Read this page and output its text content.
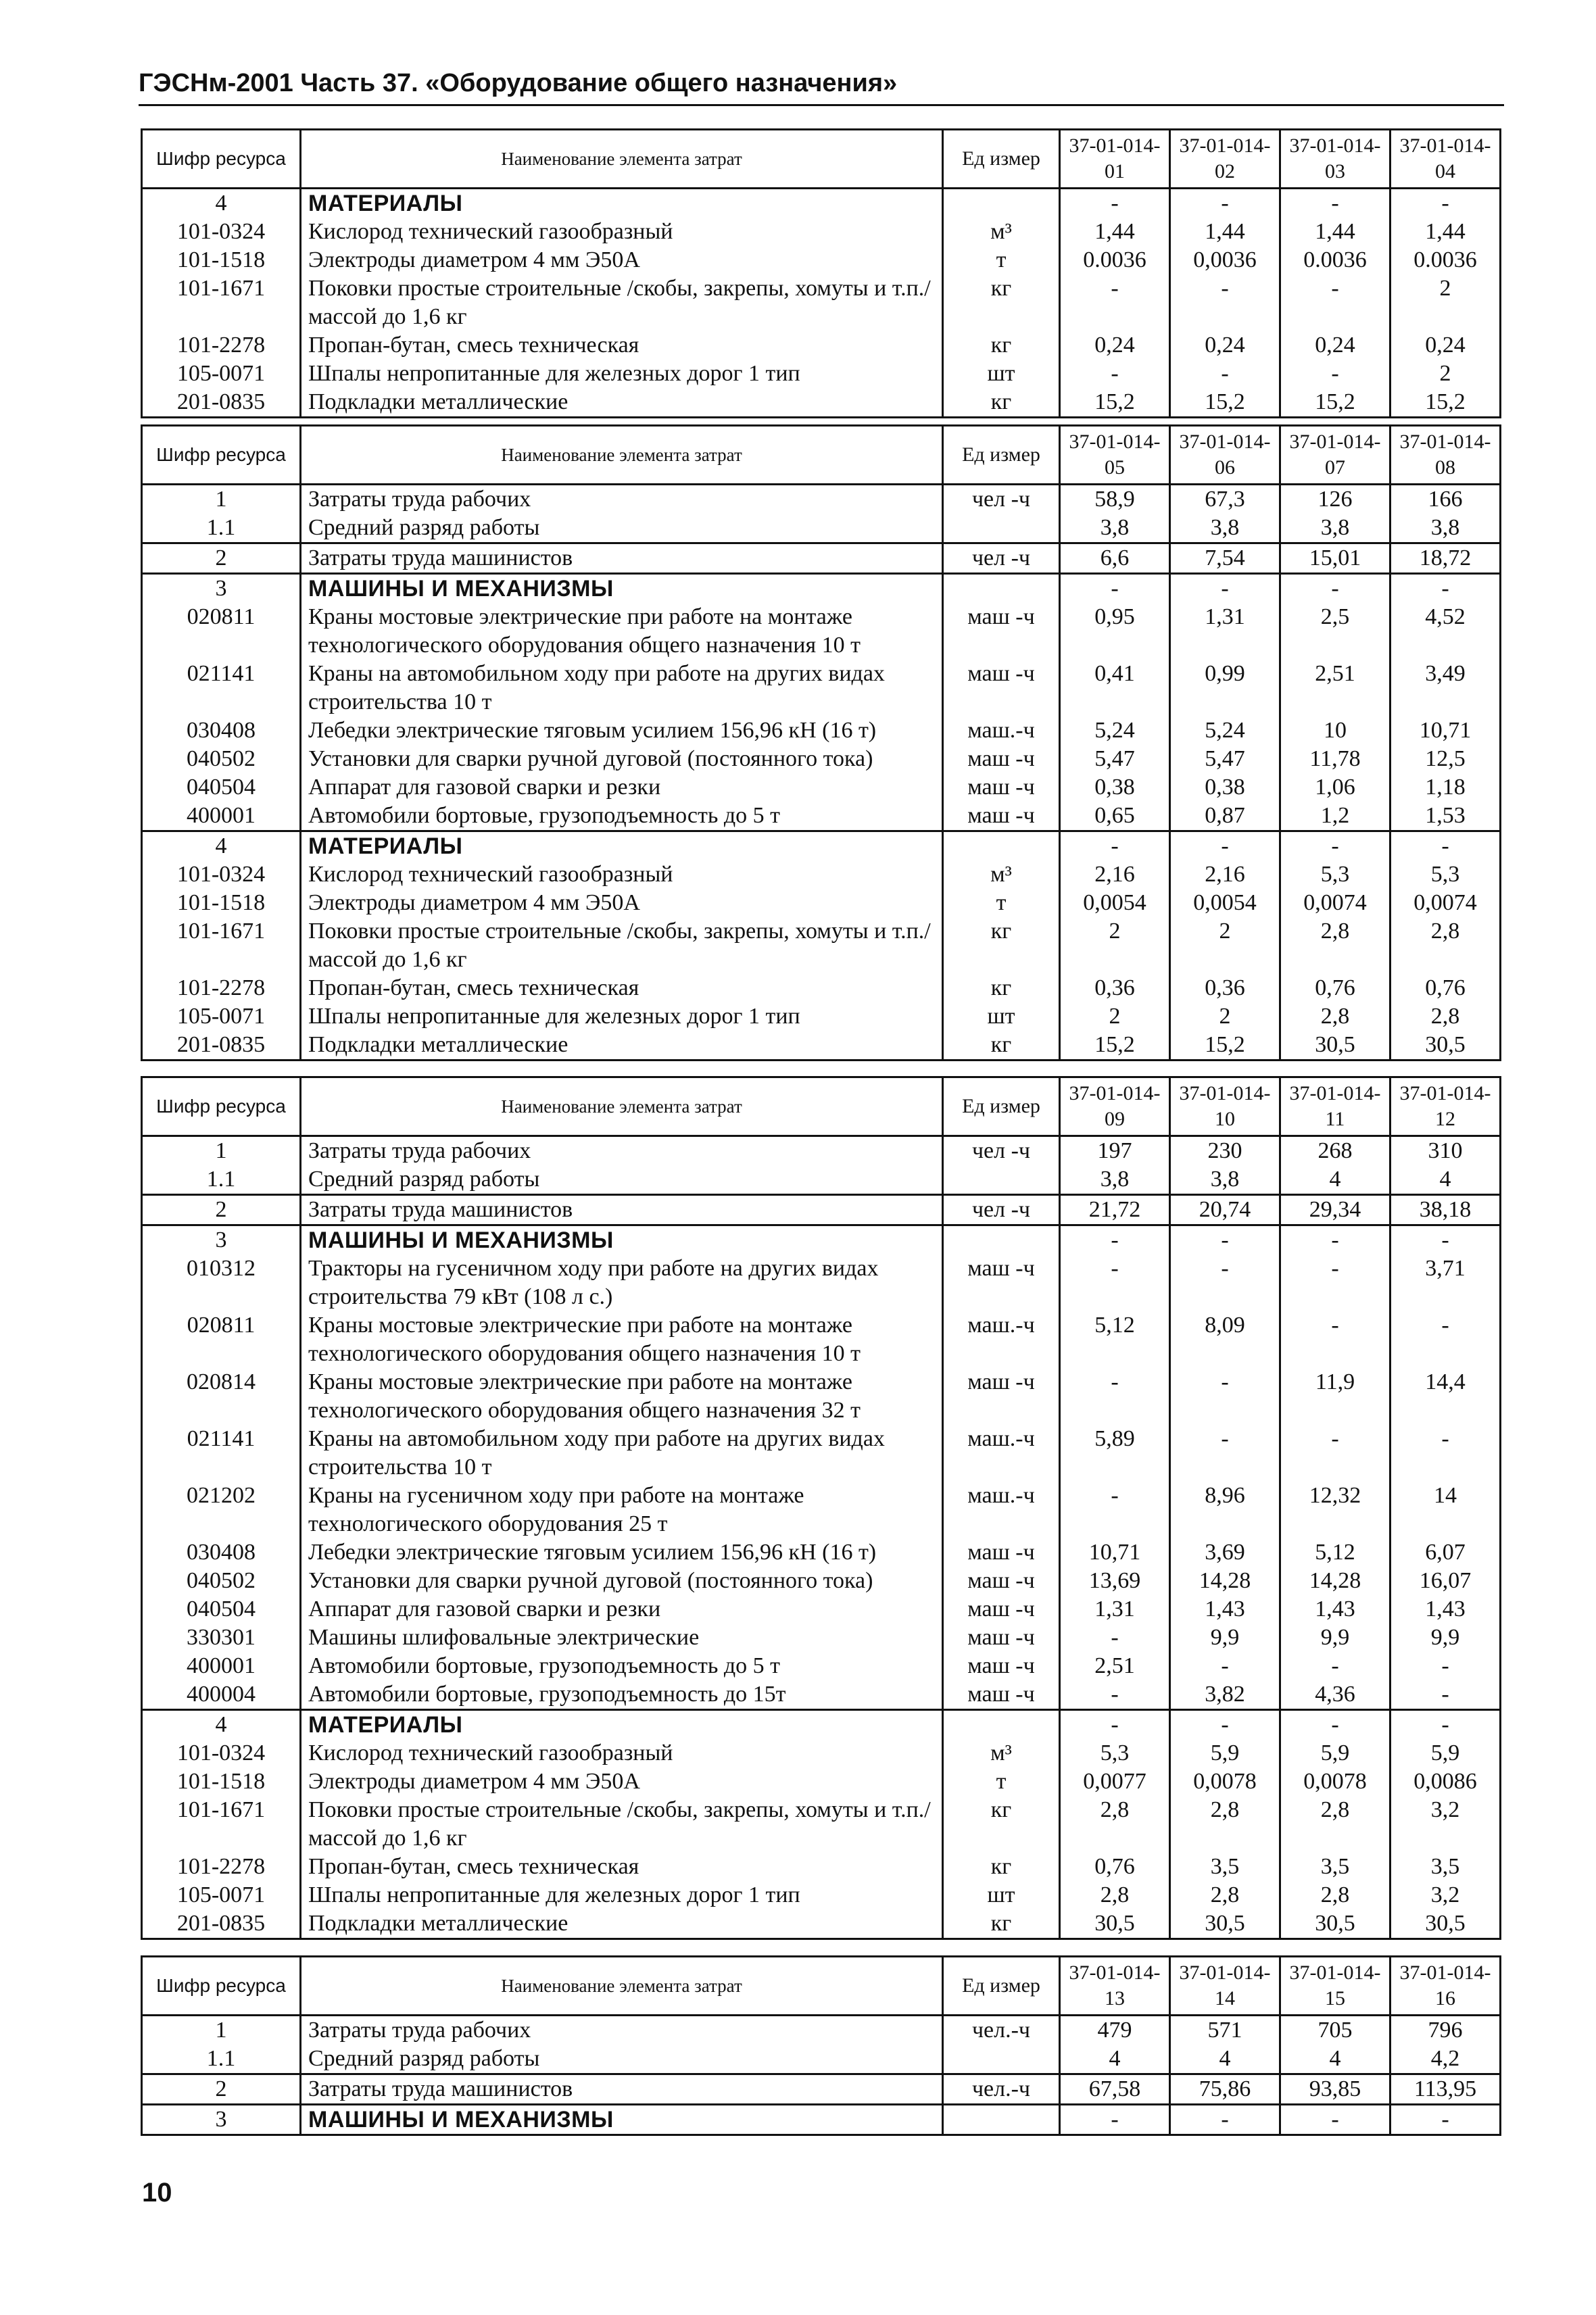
ГЭСНм-2001 Часть 37. «Оборудование общего назначения»
Шифр ресурса	Наименование элемента затрат	Ед измер	37-01-014-01	37-01-014-02	37-01-014-03	37-01-014-04
4	МАТЕРИАЛЫ		-	-	-	-
101-0324	Кислород технический газообразный	м³	1,44	1,44	1,44	1,44
101-1518	Электроды диаметром 4 мм Э50А	т	0.0036	0,0036	0.0036	0.0036
101-1671	Поковки простые строительные /скобы, закрепы, хомуты и т.п./ массой до 1,6 кг	кг	-	-	-	2
101-2278	Пропан-бутан, смесь техническая	кг	0,24	0,24	0,24	0,24
105-0071	Шпалы непропитанные для железных дорог 1 тип	шт	-	-	-	2
201-0835	Подкладки металлические	кг	15,2	15,2	15,2	15,2
Шифр ресурса	Наименование элемента затрат	Ед измер	37-01-014-05	37-01-014-06	37-01-014-07	37-01-014-08
1	Затраты труда рабочих	чел -ч	58,9	67,3	126	166
1.1	Средний разряд работы		3,8	3,8	3,8	3,8
2	Затраты труда машинистов	чел -ч	6,6	7,54	15,01	18,72
3	МАШИНЫ И МЕХАНИЗМЫ		-	-	-	-
020811	Краны мостовые электрические при работе на монтаже технологического оборудования общего назначения 10 т	маш -ч	0,95	1,31	2,5	4,52
021141	Краны на автомобильном ходу при работе на других видах строительства 10 т	маш -ч	0,41	0,99	2,51	3,49
030408	Лебедки электрические тяговым усилием 156,96 кН (16 т)	маш.-ч	5,24	5,24	10	10,71
040502	Установки для сварки ручной дуговой (постоянного тока)	маш -ч	5,47	5,47	11,78	12,5
040504	Аппарат для газовой сварки и резки	маш -ч	0,38	0,38	1,06	1,18
400001	Автомобили бортовые, грузоподъемность до 5 т	маш -ч	0,65	0,87	1,2	1,53
4	МАТЕРИАЛЫ		-	-	-	-
101-0324	Кислород технический газообразный	м³	2,16	2,16	5,3	5,3
101-1518	Электроды диаметром 4 мм Э50А	т	0,0054	0,0054	0,0074	0,0074
101-1671	Поковки простые строительные /скобы, закрепы, хомуты и т.п./ массой до 1,6 кг	кг	2	2	2,8	2,8
101-2278	Пропан-бутан, смесь техническая	кг	0,36	0,36	0,76	0,76
105-0071	Шпалы непропитанные для железных дорог 1 тип	шт	2	2	2,8	2,8
201-0835	Подкладки металлические	кг	15,2	15,2	30,5	30,5
Шифр ресурса	Наименование элемента затрат	Ед измер	37-01-014-09	37-01-014-10	37-01-014-11	37-01-014-12
1	Затраты труда рабочих	чел -ч	197	230	268	310
1.1	Средний разряд работы		3,8	3,8	4	4
2	Затраты труда машинистов	чел -ч	21,72	20,74	29,34	38,18
3	МАШИНЫ И МЕХАНИЗМЫ		-	-	-	-
010312	Тракторы на гусеничном ходу при работе на других видах строительства 79 кВт (108 л с.)	маш -ч	-	-	-	3,71
020811	Краны мостовые электрические при работе на монтаже технологического оборудования общего назначения 10 т	маш.-ч	5,12	8,09	-	-
020814	Краны мостовые электрические при работе на монтаже технологического оборудования общего назначения 32 т	маш -ч	-	-	11,9	14,4
021141	Краны на автомобильном ходу при работе на других видах строительства 10 т	маш.-ч	5,89	-	-	-
021202	Краны на гусеничном ходу при работе на монтаже технологического оборудования 25 т	маш.-ч	-	8,96	12,32	14
030408	Лебедки электрические тяговым усилием 156,96 кН (16 т)	маш -ч	10,71	3,69	5,12	6,07
040502	Установки для сварки ручной дуговой (постоянного тока)	маш -ч	13,69	14,28	14,28	16,07
040504	Аппарат для газовой сварки и резки	маш -ч	1,31	1,43	1,43	1,43
330301	Машины шлифовальные электрические	маш -ч	-	9,9	9,9	9,9
400001	Автомобили бортовые, грузоподъемность до 5 т	маш -ч	2,51	-	-	-
400004	Автомобили бортовые, грузоподъемность до 15т	маш -ч	-	3,82	4,36	-
4	МАТЕРИАЛЫ		-	-	-	-
101-0324	Кислород технический газообразный	м³	5,3	5,9	5,9	5,9
101-1518	Электроды диаметром 4 мм Э50А	т	0,0077	0,0078	0,0078	0,0086
101-1671	Поковки простые строительные /скобы, закрепы, хомуты и т.п./ массой до 1,6 кг	кг	2,8	2,8	2,8	3,2
101-2278	Пропан-бутан, смесь техническая	кг	0,76	3,5	3,5	3,5
105-0071	Шпалы непропитанные для железных дорог 1 тип	шт	2,8	2,8	2,8	3,2
201-0835	Подкладки металлические	кг	30,5	30,5	30,5	30,5
Шифр ресурса	Наименование элемента затрат	Ед измер	37-01-014-13	37-01-014-14	37-01-014-15	37-01-014-16
1	Затраты труда рабочих	чел.-ч	479	571	705	796
1.1	Средний разряд работы		4	4	4	4,2
2	Затраты труда машинистов	чел.-ч	67,58	75,86	93,85	113,95
3	МАШИНЫ И МЕХАНИЗМЫ		-	-	-	-
10
